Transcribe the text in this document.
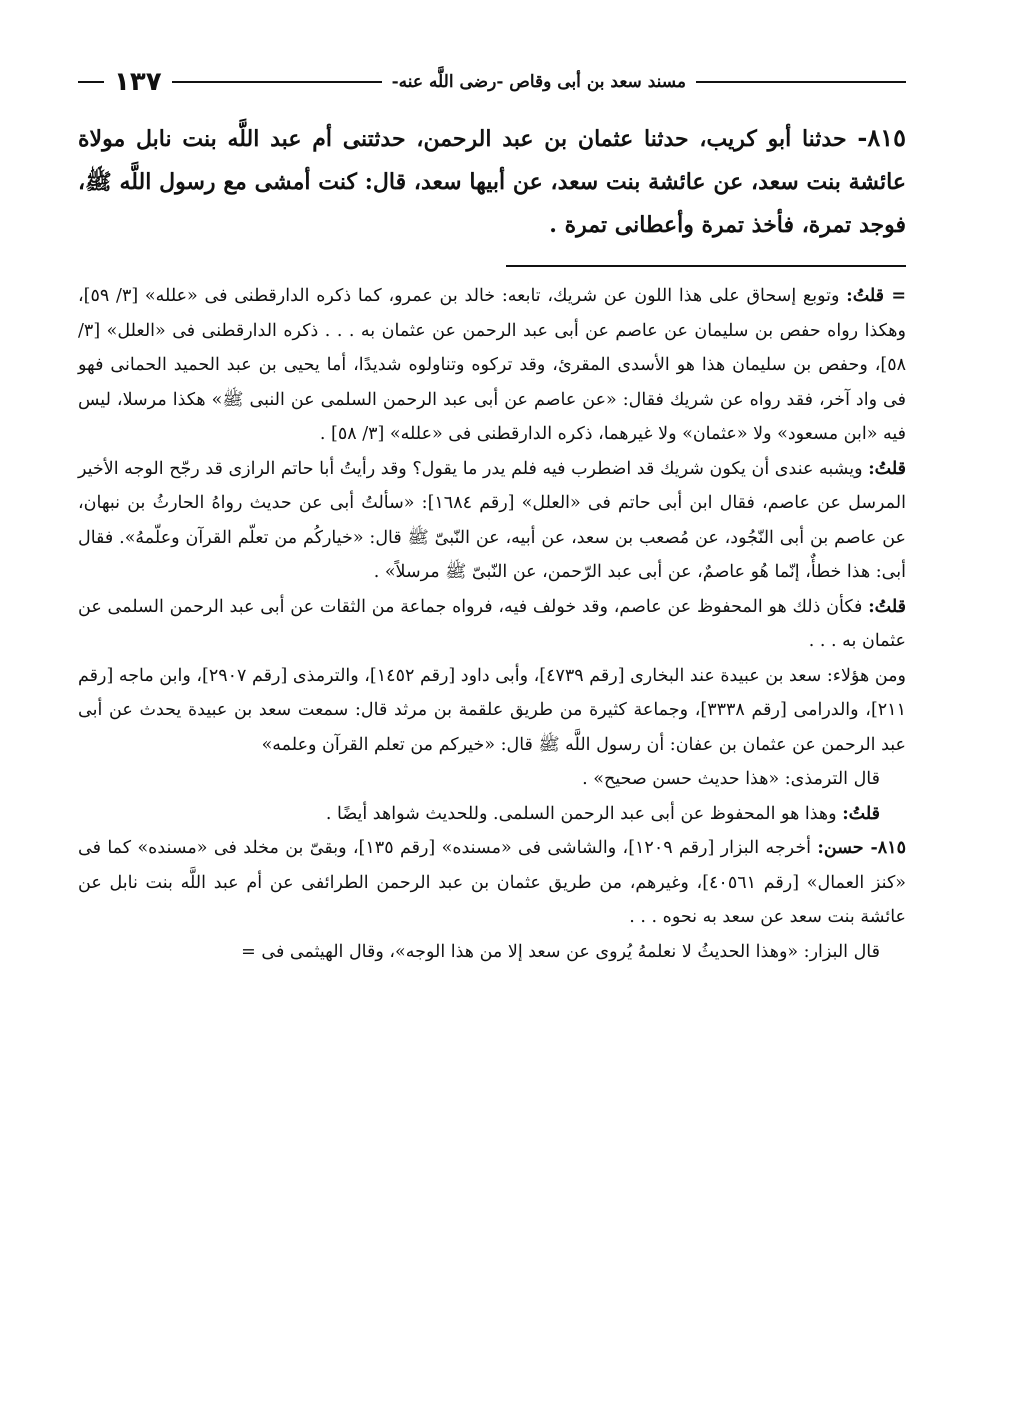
مسند سعد بن أبى وقاص -رضى اللَّه عنه-
١٣٧
٨١٥- حدثنا أبو كريب، حدثنا عثمان بن عبد الرحمن، حدثتنى أم عبد اللَّه بنت نابل مولاة عائشة بنت سعد، عن عائشة بنت سعد، عن أبيها سعد، قال: كنت أمشى مع رسول اللَّه ﷺ، فوجد تمرة، فأخذ تمرة وأعطانى تمرة .

= قلتُ: وتوبع إسحاق على هذا اللون عن شريك، تابعه: خالد بن عمرو، كما ذكره الدارقطنى فى «علله» [٣/ ٥٩]، وهكذا رواه حفص بن سليمان عن عاصم عن أبى عبد الرحمن عن عثمان به . . . ذكره الدارقطنى فى «العلل» [٣/ ٥٨]، وحفص بن سليمان هذا هو الأسدى المقرئ، وقد تركوه وتناولوه شديدًا، أما يحيى بن عبد الحميد الحمانى فهو فى واد آخر، فقد رواه عن شريك فقال: «عن عاصم عن أبى عبد الرحمن السلمى عن النبى ﷺ» هكذا مرسلا، ليس فيه «ابن مسعود» ولا «عثمان» ولا غيرهما، ذكره الدارقطنى فى «علله» [٣/ ٥٨] .

قلتُ: ويشبه عندى أن يكون شريك قد اضطرب فيه فلم يدر ما يقول؟ وقد رأيتُ أبا حاتم الرازى قد رجّح الوجه الأخير المرسل عن عاصم، فقال ابن أبى حاتم فى «العلل» [رقم ١٦٨٤]: «سألتُ أبى عن حديث رواهُ الحارثُ بن نبهان، عن عاصم بن أبى النّجُود، عن مُصعب بن سعد، عن أبيه، عن النّبىّ ﷺ قال: «خياركُم من تعلّم القرآن وعلّمهُ». فقال أبى: هذا خطأٌ، إنّما هُو عاصمٌ، عن أبى عبد الرّحمن، عن النّبىّ ﷺ مرسلاً» .

قلتُ: فكأن ذلك هو المحفوظ عن عاصم، وقد خولف فيه، فرواه جماعة من الثقات عن أبى عبد الرحمن السلمى عن عثمان به . . .

ومن هؤلاء: سعد بن عبيدة عند البخارى [رقم ٤٧٣٩]، وأبى داود [رقم ١٤٥٢]، والترمذى [رقم ٢٩٠٧]، وابن ماجه [رقم ٢١١]، والدرامى [رقم ٣٣٣٨]، وجماعة كثيرة من طريق علقمة بن مرثد قال: سمعت سعد بن عبيدة يحدث عن أبى عبد الرحمن عن عثمان بن عفان: أن رسول اللَّه ﷺ قال: «خيركم من تعلم القرآن وعلمه»

قال الترمذى: «هذا حديث حسن صحيح» .

قلتُ: وهذا هو المحفوظ عن أبى عبد الرحمن السلمى. وللحديث شواهد أيضًا .

٨١٥- حسن: أخرجه البزار [رقم ١٢٠٩]، والشاشى فى «مسنده» [رقم ١٣٥]، وبقىّ بن مخلد فى «مسنده» كما فى «كنز العمال» [رقم ٤٠٥٦١]، وغيرهم، من طريق عثمان بن عبد الرحمن الطرائفى عن أم عبد اللَّه بنت نابل عن عائشة بنت سعد عن سعد به نحوه . . .

قال البزار: «وهذا الحديثُ لا نعلمهُ يُروى عن سعد إلا من هذا الوجه»، وقال الهيثمى فى =
